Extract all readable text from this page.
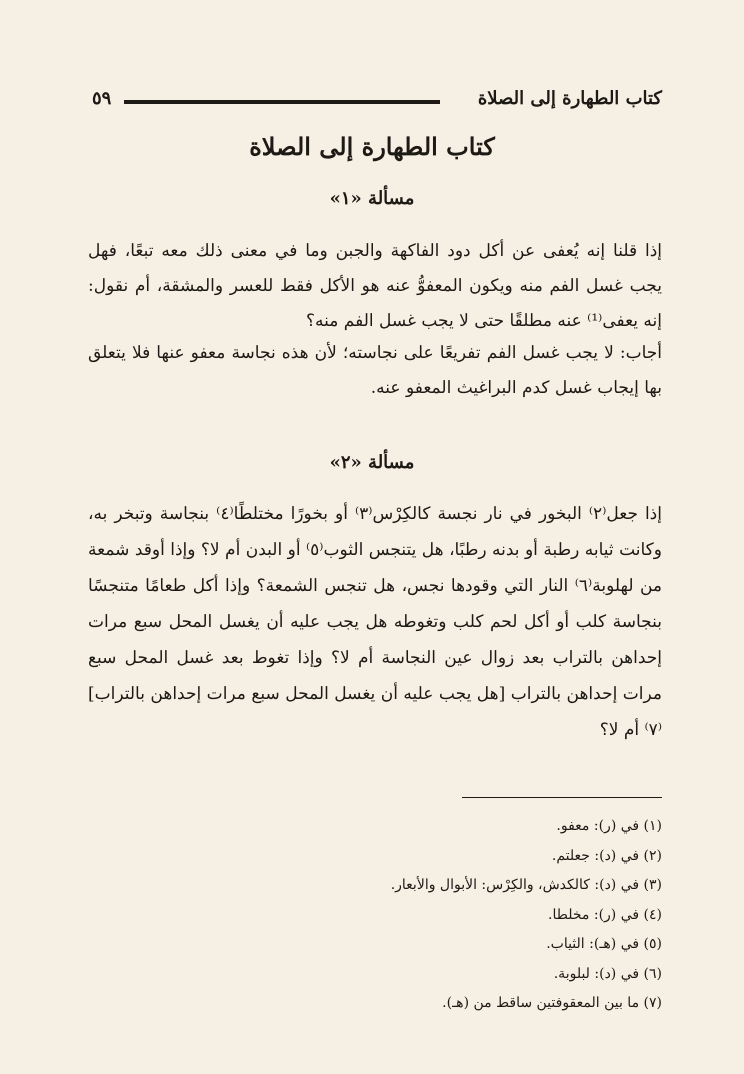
كتاب الطهارة إلى الصلاة
٥٩
كتاب الطهارة إلى الصلاة
مسألة «١»

إذا قلنا إنه يُعفى عن أكل دود الفاكهة والجبن وما في معنى ذلك معه تبعًا، فهل يجب غسل الفم منه ويكون المعفوُّ عنه هو الأكل فقط للعسر والمشقة، أم نقول: إنه يعفى⁽¹⁾ عنه مطلقًا حتى لا يجب غسل الفم منه؟

أجاب: لا يجب غسل الفم تفريعًا على نجاسته؛ لأن هذه نجاسة معفو عنها فلا يتعلق بها إيجاب غسل كدم البراغيث المعفو عنه.

مسألة «٢»

إذا جعل⁽٢⁾ البخور في نار نجسة كالكِرْس⁽٣⁾ أو بخورًا مختلطًا⁽٤⁾ بنجاسة وتبخر به، وكانت ثيابه رطبة أو بدنه رطبًا، هل يتنجس الثوب⁽٥⁾ أو البدن أم لا؟ وإذا أوقد شمعة من لهلوبة⁽٦⁾ النار التي وقودها نجس، هل تنجس الشمعة؟ وإذا أكل طعامًا متنجسًا بنجاسة كلب أو أكل لحم كلب وتغوطه هل يجب عليه أن يغسل المحل سبع مرات إحداهن بالتراب بعد زوال عين النجاسة أم لا؟ وإذا تغوط بعد غسل المحل سبع مرات إحداهن بالتراب [هل يجب عليه أن يغسل المحل سبع مرات إحداهن بالتراب]⁽٧⁾ أم لا؟

(١) في (ر): معفو.
(٢) في (د): جعلتم.
(٣) في (د): كالكدش، والكِرْس: الأبوال والأبعار.
(٤) في (ر): مخلطا.
(٥) في (هـ): الثياب.
(٦) في (د): لبلوبة.
(٧) ما بين المعقوفتين ساقط من (هـ).
